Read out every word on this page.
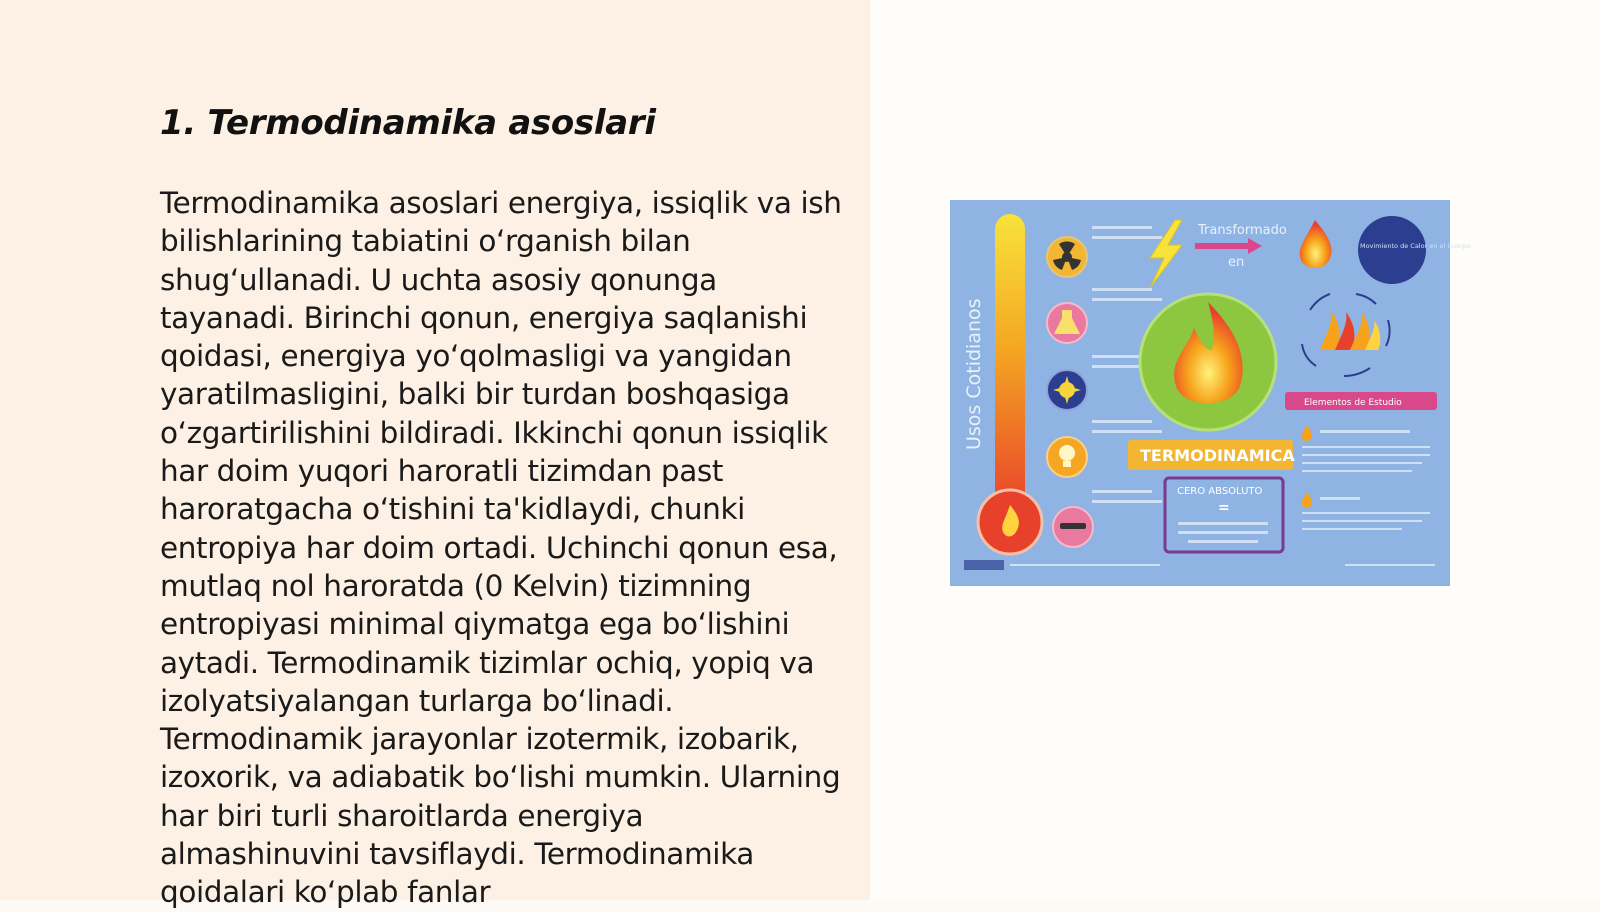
1. Termodinamika asoslari

Termodinamika asoslari energiya, issiqlik va ish bilishlarining tabiatini o‘rganish bilan shug‘ullanadi. U uchta asosiy qonunga tayanadi. Birinchi qonun, energiya saqlanishi qoidasi, energiya yo‘qolmasligi va yangidan yaratilmasligini, balki bir turdan boshqasiga o‘zgartirilishini bildiradi. Ikkinchi qonun issiqlik har doim yuqori haroratli tizimdan past haroratgacha o‘tishini ta'kidlaydi, chunki entropiya har doim ortadi. Uchinchi qonun esa, mutlaq nol haroratda (0 Kelvin) tizimning entropiyasi minimal qiymatga ega bo‘lishini aytadi. Termodinamik tizimlar ochiq, yopiq va izolyatsiyalangan turlarga bo‘linadi. Termodinamik jarayonlar izotermik, izobarik, izoxorik, va adiabatik bo‘lishi mumkin. Ularning har biri turli sharoitlarda energiya almashinuvini tavsiflaydi. Termodinamika qoidalari ko‘plab fanlar

Usos Cotidianos
Transformado
en
Movimiento de Calor en el Cuerpo
TERMODINAMICA
CERO ABSOLUTO
=
Elementos de Estudio
